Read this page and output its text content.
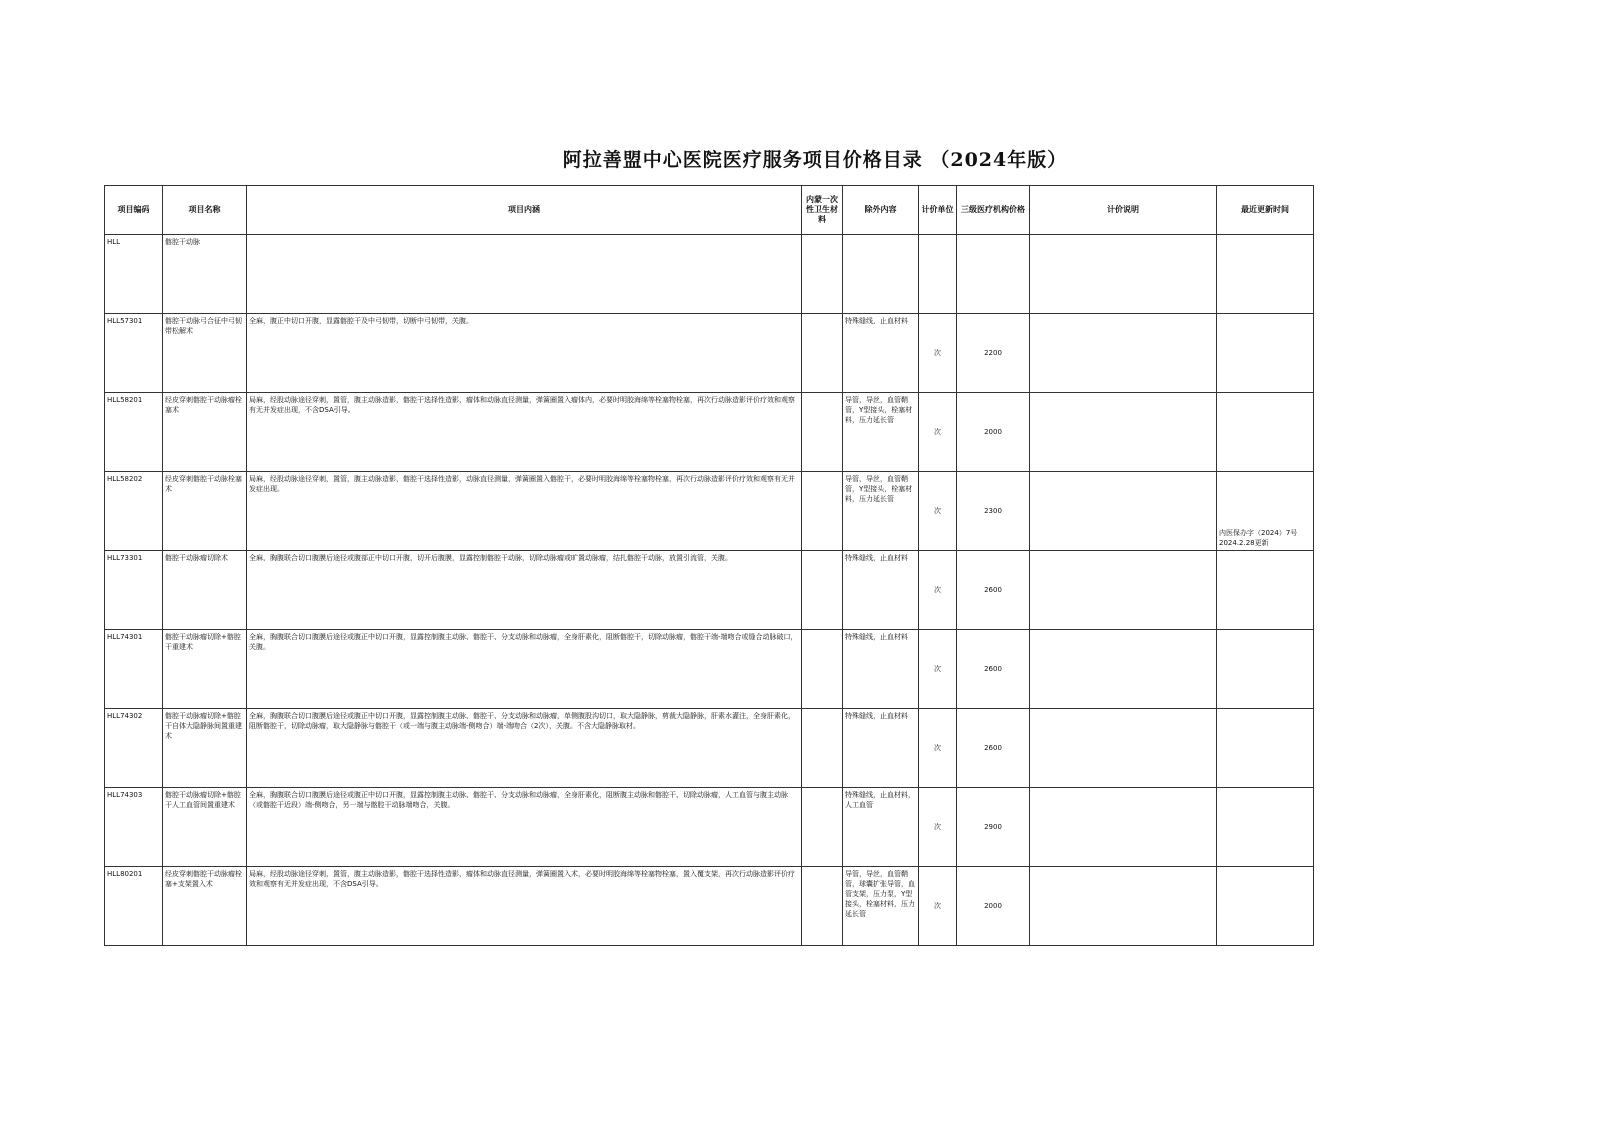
阿拉善盟中心医院医疗服务项目价格目录 （2024年版）
项目编码	项目名称	项目内涵	内蒙一次性卫生材料	除外内容	计价单位	三级医疗机构价格	计价说明	最近更新时间
HLL	髂腔干动脉							
HLL57301	髂腔干动脉弓合征中弓韧带松解术	全麻，腹正中切口开腹，显露髂腔干及中弓韧带，切断中弓韧带，关腹。		特殊缝线，止血材料	次	2200		
HLL58201	经皮穿刺髂腔干动脉瘤栓塞术	局麻，经股动脉途径穿刺，置管，腹主动脉造影，髂腔干选择性造影，瘤体和动脉直径测量，弹簧圈置入瘤体内，必要时明胶海绵等栓塞物栓塞，再次行动脉造影评价疗效和观察有无并发症出现，不含DSA引导。		导管，导丝，血管鞘管，Y型接头，栓塞材料，压力延长管	次	2000		
HLL58202	经皮穿刺髂腔干动脉栓塞术	局麻，经股动脉途径穿刺，置管，腹主动脉造影，髂腔干选择性造影，动脉直径测量，弹簧圈置入髂腔干，必要时明胶海绵等栓塞物栓塞，再次行动脉造影评价疗效和观察有无并发症出现。		导管，导丝，血管鞘管，Y型接头，栓塞材料，压力延长管	次	2300		内医保办字（2024）7号 2024.2.28更新
HLL73301	髂腔干动脉瘤切除术	全麻，胸腹联合切口腹膜后途径或腹部正中切口开腹，切开后腹膜，显露控制髂腔干动脉，切除动脉瘤或旷置动脉瘤，结扎髂腔干动脉，放置引流管，关腹。		特殊缝线，止血材料	次	2600		
HLL74301	髂腔干动脉瘤切除+髂腔干重建术	全麻，胸腹联合切口腹膜后途径或腹正中切口开腹，显露控制腹主动脉、髂腔干、分支动脉和动脉瘤，全身肝素化，阻断髂腔干，切除动脉瘤，髂腔干端-端吻合或缝合动脉破口，关腹。		特殊缝线，止血材料	次	2600		
HLL74302	髂腔干动脉瘤切除+髂腔干自体大隐静脉间置重建术	全麻，胸腹联合切口腹膜后途径或腹正中切口开腹，显露控制腹主动脉、髂腔干、分支动脉和动脉瘤，单侧腹股沟切口，取大隐静脉，剪裁大隐静脉，肝素水灌注，全身肝素化，阻断髂腔干，切除动脉瘤，取大隐静脉与髂腔干（或一端与腹主动脉端-侧吻合）端-端吻合（2次），关腹。不含大隐静脉取材。		特殊缝线，止血材料	次	2600		
HLL74303	髂腔干动脉瘤切除+髂腔干人工血管间置重建术	全麻，胸腹联合切口腹膜后途径或腹正中切口开腹，显露控制腹主动脉、髂腔干、分支动脉和动脉瘤，全身肝素化，阻断腹主动脉和髂腔干、切除动脉瘤，人工血管与腹主动脉（或髂腔干近段）端-侧吻合，另一端与髂腔干动脉端吻合，关腹。		特殊缝线，止血材料，人工血管	次	2900		
HLL80201	经皮穿刺髂腔干动脉瘤栓塞+支架置入术	局麻，经股动脉途径穿刺，置管，腹主动脉造影，髂腔干选择性造影，瘤体和动脉直径测量，弹簧圈置入术，必要时明胶海绵等栓塞物栓塞，置入覆支架，再次行动脉造影评价疗效和观察有无并发症出现，不含DSA引导。		导管，导丝，血管鞘管，球囊扩张导管，血管支架，压力泵，Y型接头，栓塞材料，压力延长管	次	2000		
